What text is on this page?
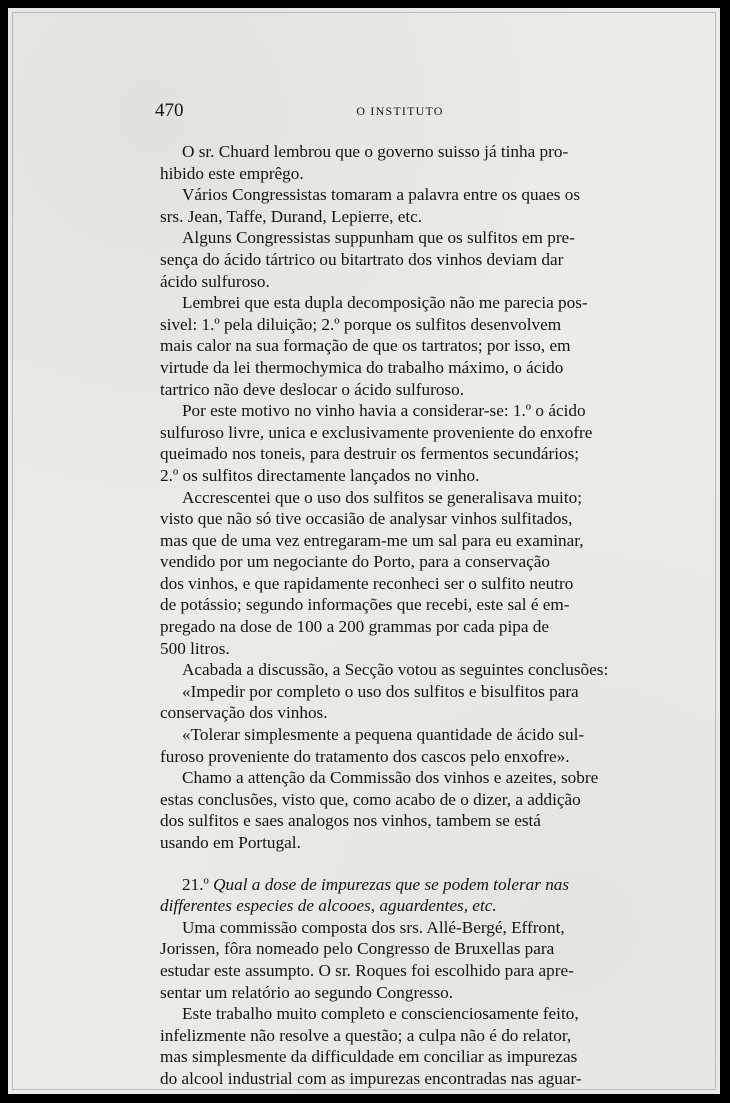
470	O INSTITUTO

O sr. Chuard lembrou que o governo suisso já tinha pro-
hibido este emprêgo.

Vários Congressistas tomaram a palavra entre os quaes os
srs. Jean, Taffe, Durand, Lepierre, etc.

Alguns Congressistas suppunham que os sulfitos em pre-
sença do ácido tártrico ou bitartrato dos vinhos deviam dar
ácido sulfuroso.

Lembrei que esta dupla decomposição não me parecia pos-
sivel: 1.º pela diluição; 2.º porque os sulfitos desenvolvem
mais calor na sua formação de que os tartratos; por isso, em
virtude da lei thermochymica do trabalho máximo, o ácido
tartrico não deve deslocar o ácido sulfuroso.

Por este motivo no vinho havia a considerar-se: 1.º o ácido
sulfuroso livre, unica e exclusivamente proveniente do enxofre
queimado nos toneis, para destruir os fermentos secundários;
2.º os sulfitos directamente lançados no vinho.

Accrescentei que o uso dos sulfitos se generalisava muito;
visto que não só tive occasião de analysar vinhos sulfitados,
mas que de uma vez entregaram-me um sal para eu examinar,
vendido por um negociante do Porto, para a conservação
dos vinhos, e que rapidamente reconheci ser o sulfito neutro
de potássio; segundo informações que recebi, este sal é em-
pregado na dose de 100 a 200 grammas por cada pipa de
500 litros.

Acabada a discussão, a Secção votou as seguintes conclusões:

«Impedir por completo o uso dos sulfitos e bisulfitos para
conservação dos vinhos.

«Tolerar simplesmente a pequena quantidade de ácido sul-
furoso proveniente do tratamento dos cascos pelo enxofre».

Chamo a attenção da Commissão dos vinhos e azeites, sobre
estas conclusões, visto que, como acabo de o dizer, a addição
dos sulfitos e saes analogos nos vinhos, tambem se está
usando em Portugal.

21.º Qual a dose de impurezas que se podem tolerar nas
differentes especies de alcooes, aguardentes, etc.

Uma commissão composta dos srs. Allé-Bergé, Effront,
Jorissen, fôra nomeado pelo Congresso de Bruxellas para
estudar este assumpto. O sr. Roques foi escolhido para apre-
sentar um relatório ao segundo Congresso.

Este trabalho muito completo e conscienciosamente feito,
infelizmente não resolve a questão; a culpa não é do relator,
mas simplesmente da difficuldade em conciliar as impurezas
do alcool industrial com as impurezas encontradas nas aguar-
